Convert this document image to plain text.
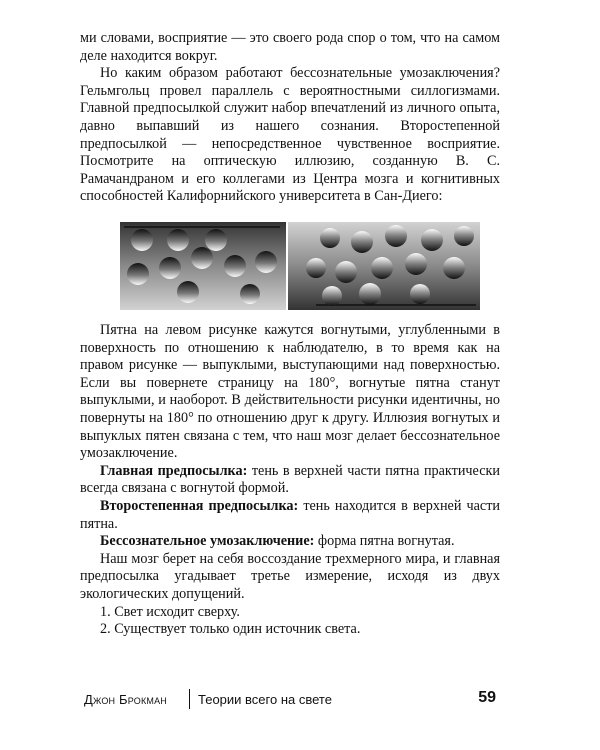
ми словами, восприятие — это своего рода спор о том, что на самом деле находится вокруг.

Но каким образом работают бессознательные умозаключения? Гельмгольц провел параллель с вероятностными силлогизмами. Главной предпосылкой служит набор впечатлений из личного опыта, давно выпавший из нашего сознания. Второстепенной предпосылкой — непосредственное чувственное восприятие. Посмотрите на оптическую иллюзию, созданную В. С. Рамачандраном и его коллегами из Центра мозга и когнитивных способностей Калифорнийского университета в Сан-Диего:

Пятна на левом рисунке кажутся вогнутыми, углубленными в поверхность по отношению к наблюдателю, в то время как на правом рисунке — выпуклыми, выступающими над поверхностью. Если вы повернете страницу на 180°, вогнутые пятна станут выпуклыми, и наоборот. В действительности рисунки идентичны, но повернуты на 180° по отношению друг к другу. Иллюзия вогнутых и выпуклых пятен связана с тем, что наш мозг делает бессознательное умозаключение.

Главная предпосылка: тень в верхней части пятна практически всегда связана с вогнутой формой.

Второстепенная предпосылка: тень находится в верхней части пятна.

Бессознательное умозаключение: форма пятна вогнутая.

Наш мозг берет на себя воссоздание трехмерного мира, и главная предпосылка угадывает третье измерение, исходя из двух экологических допущений.

1. Свет исходит сверху.

2. Существует только один источник света.

Джон Брокман Теории всего на свете	59
